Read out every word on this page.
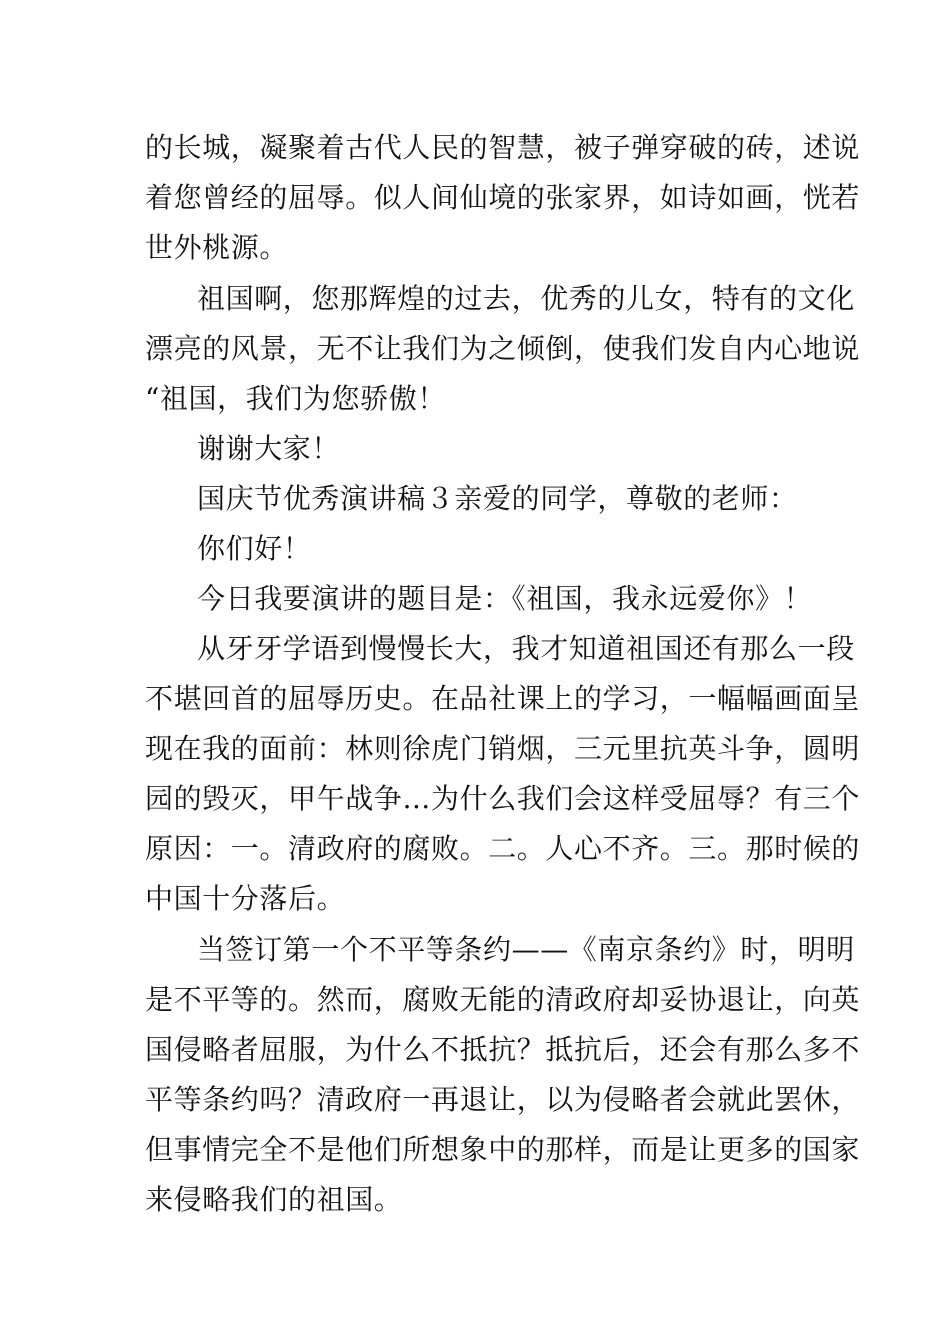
的长城，凝聚着古代人民的智慧，被子弹穿破的砖，述说
着您曾经的屈辱。似人间仙境的张家界，如诗如画，恍若
世外桃源。
祖国啊，您那辉煌的过去，优秀的儿女，特有的文化
漂亮的风景，无不让我们为之倾倒，使我们发自内心地说
“祖国，我们为您骄傲！
谢谢大家！
国庆节优秀演讲稿３亲爱的同学，尊敬的老师：
你们好！
今日我要演讲的题目是：《祖国，我永远爱你》！
从牙牙学语到慢慢长大，我才知道祖国还有那么一段
不堪回首的屈辱历史。在品社课上的学习，一幅幅画面呈
现在我的面前：林则徐虎门销烟，三元里抗英斗争，圆明
园的毁灭，甲午战争…为什么我们会这样受屈辱？有三个
原因：一。清政府的腐败。二。人心不齐。三。那时候的
中国十分落后。
当签订第一个不平等条约——《南京条约》时，明明
是不平等的。然而，腐败无能的清政府却妥协退让，向英
国侵略者屈服，为什么不抵抗？抵抗后，还会有那么多不
平等条约吗？清政府一再退让，以为侵略者会就此罢休，
但事情完全不是他们所想象中的那样，而是让更多的国家
来侵略我们的祖国。
